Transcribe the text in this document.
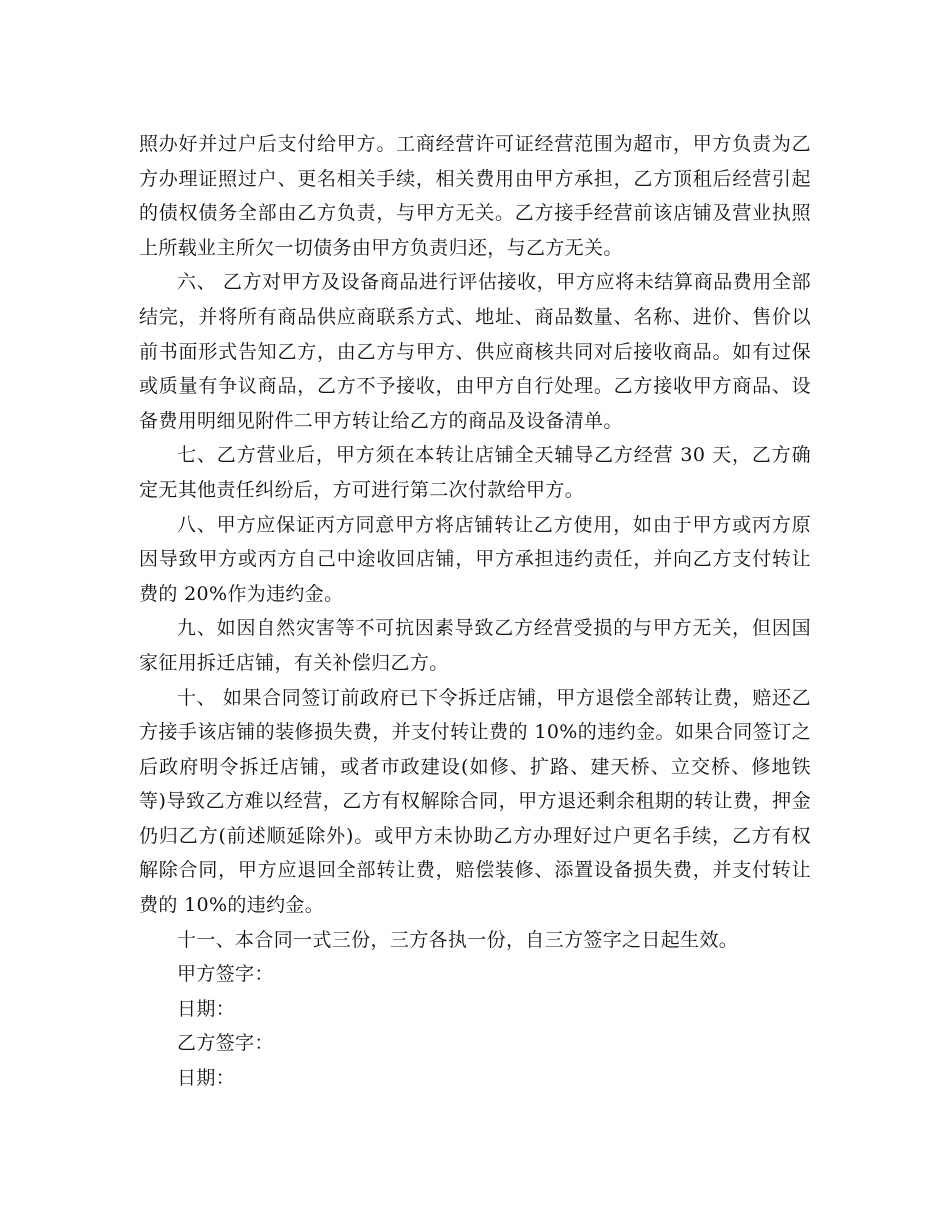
照办好并过户后支付给甲方。工商经营许可证经营范围为超市，甲方负责为乙方办理证照过户、更名相关手续，相关费用由甲方承担，乙方顶租后经营引起的债权债务全部由乙方负责，与甲方无关。乙方接手经营前该店铺及营业执照上所载业主所欠一切债务由甲方负责归还，与乙方无关。

六、 乙方对甲方及设备商品进行评估接收，甲方应将未结算商品费用全部结完，并将所有商品供应商联系方式、地址、商品数量、名称、进价、售价以前书面形式告知乙方，由乙方与甲方、供应商核共同对后接收商品。如有过保或质量有争议商品，乙方不予接收，由甲方自行处理。乙方接收甲方商品、设备费用明细见附件二甲方转让给乙方的商品及设备清单。

七、乙方营业后，甲方须在本转让店铺全天辅导乙方经营 30 天，乙方确定无其他责任纠纷后，方可进行第二次付款给甲方。

八、甲方应保证丙方同意甲方将店铺转让乙方使用，如由于甲方或丙方原因导致甲方或丙方自己中途收回店铺，甲方承担违约责任，并向乙方支付转让费的 20%作为违约金。

九、如因自然灾害等不可抗因素导致乙方经营受损的与甲方无关，但因国家征用拆迁店铺，有关补偿归乙方。

十、 如果合同签订前政府已下令拆迁店铺，甲方退偿全部转让费，赔还乙方接手该店铺的装修损失费，并支付转让费的 10%的违约金。如果合同签订之后政府明令拆迁店铺，或者市政建设(如修、扩路、建天桥、立交桥、修地铁等)导致乙方难以经营，乙方有权解除合同，甲方退还剩余租期的转让费，押金仍归乙方(前述顺延除外)。或甲方未协助乙方办理好过户更名手续，乙方有权解除合同，甲方应退回全部转让费，赔偿装修、添置设备损失费，并支付转让费的 10%的违约金。

十一、本合同一式三份，三方各执一份，自三方签字之日起生效。

甲方签字：

日期：

乙方签字：

日期：
